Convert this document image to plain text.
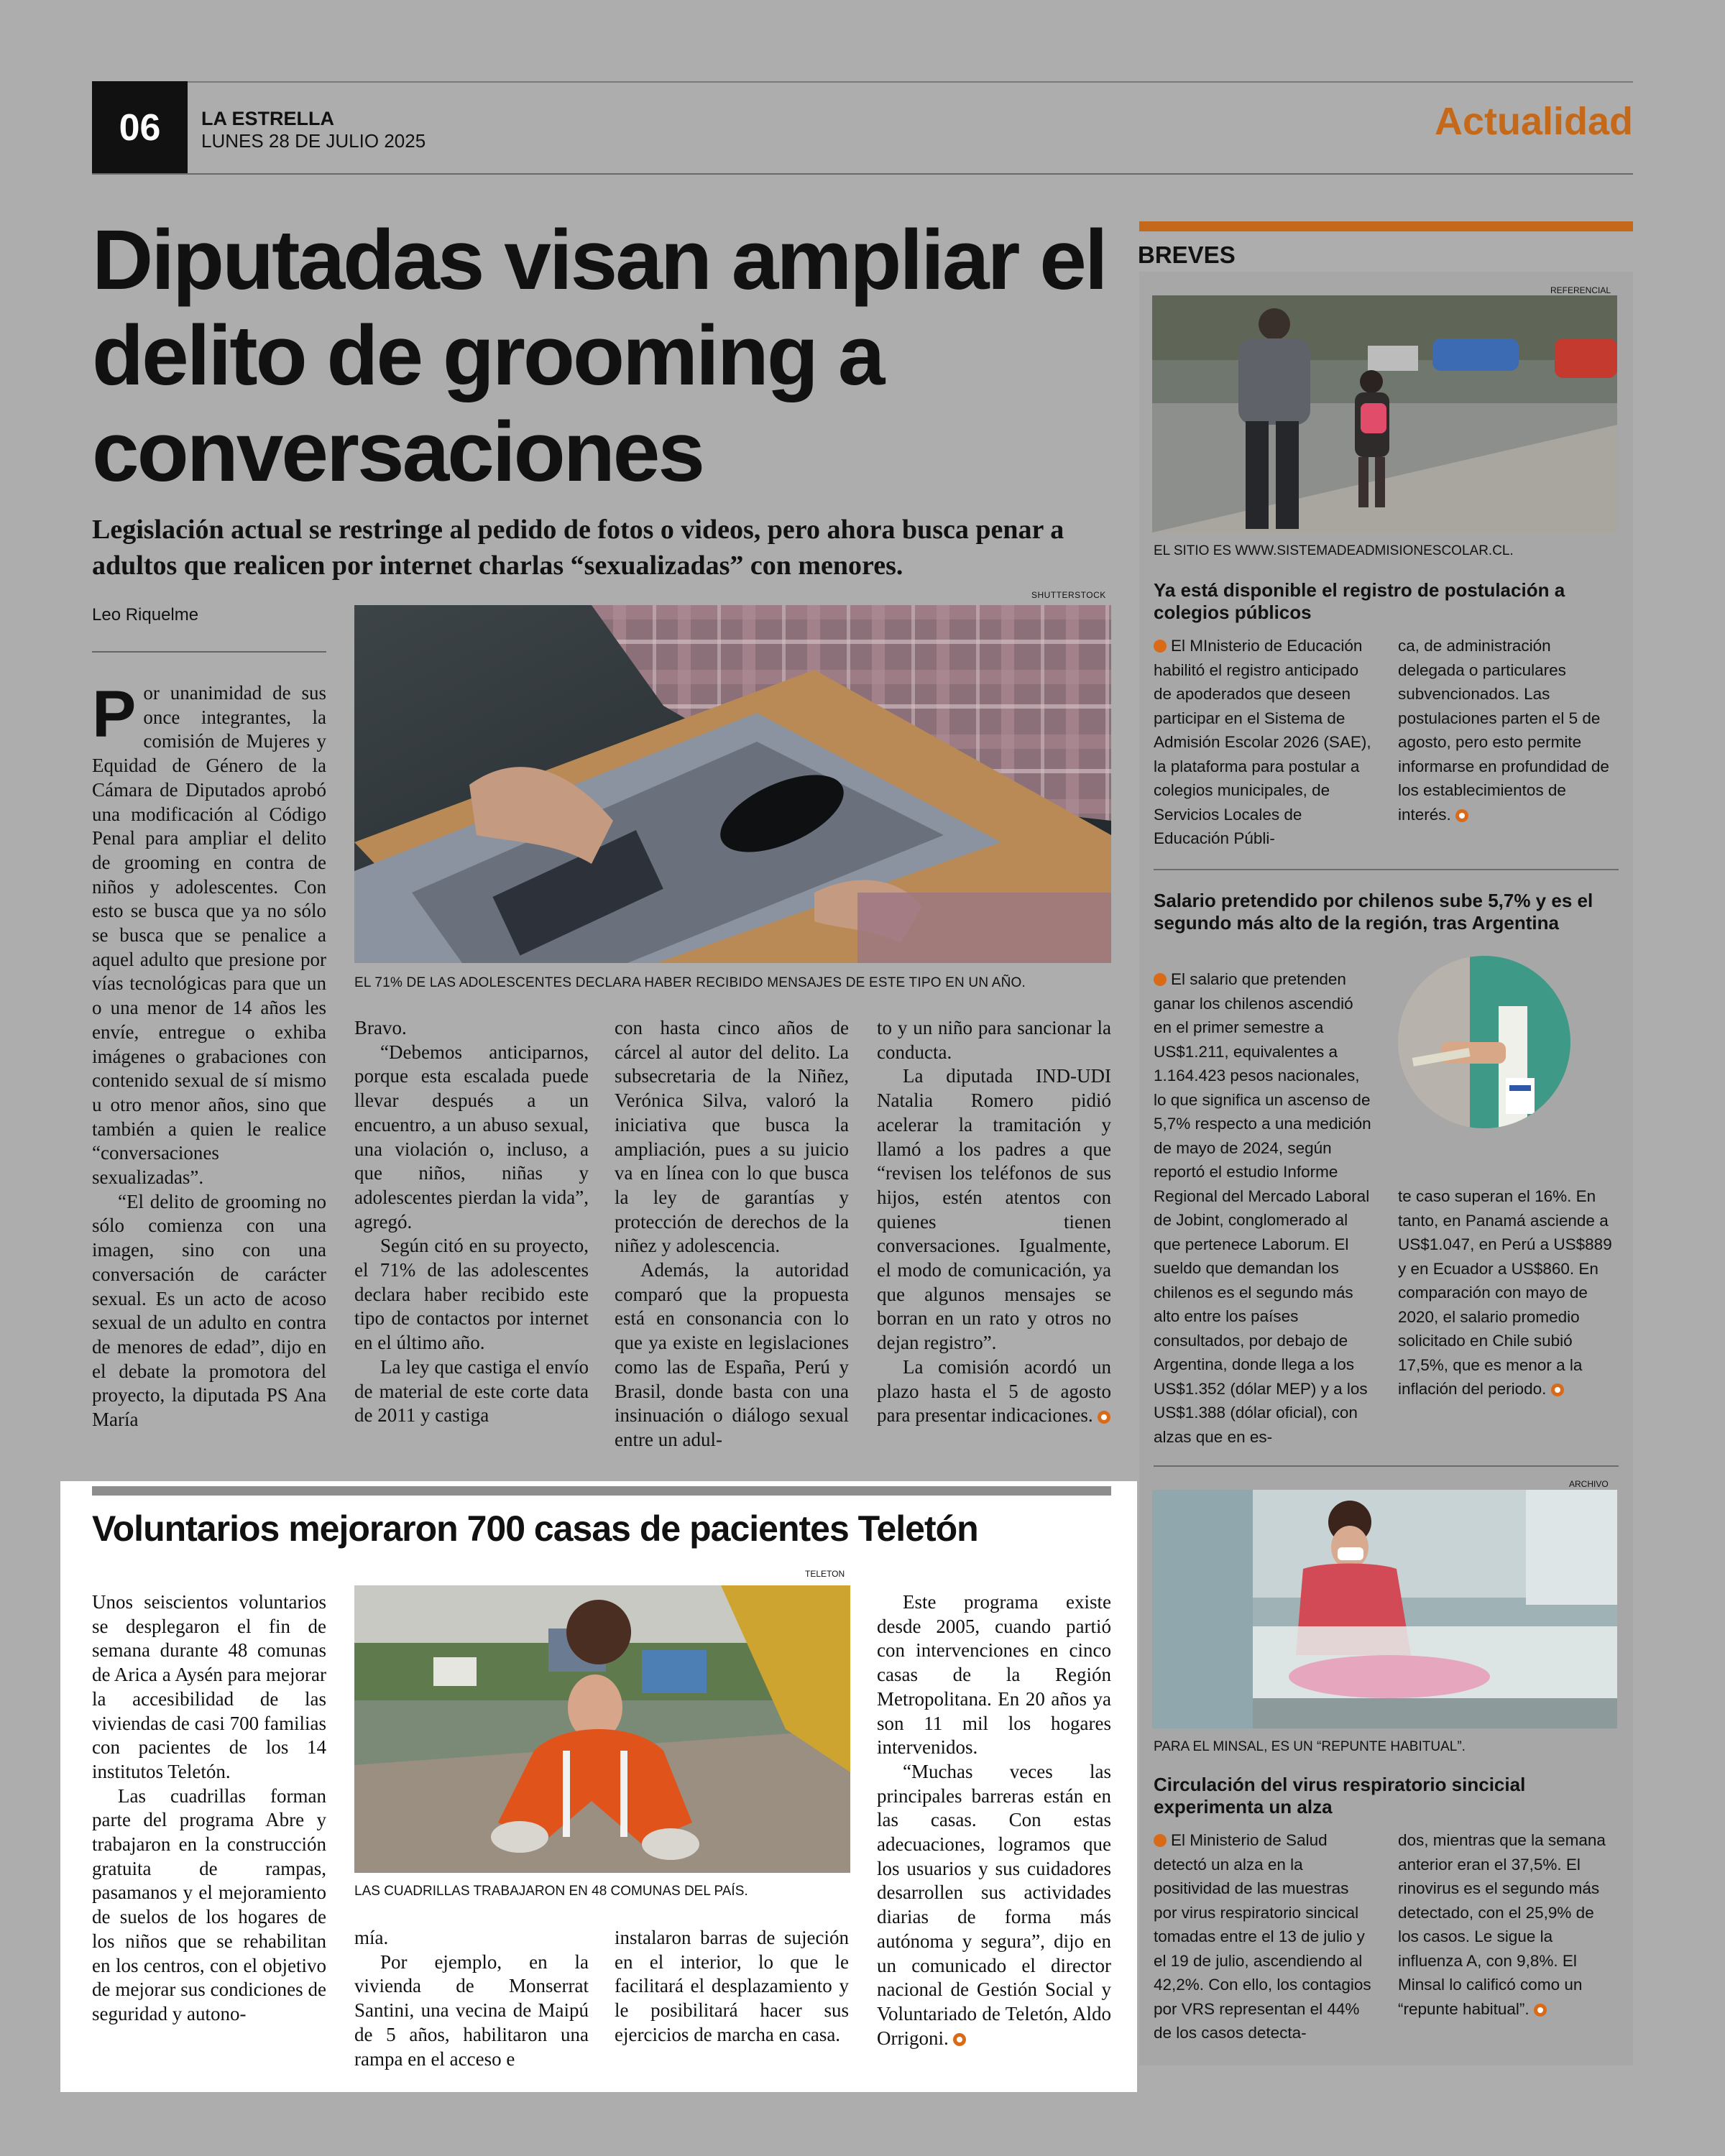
06	LA ESTRELLA
LUNES 28 DE JULIO 2025	Actualidad
Diputadas visan ampliar el delito de grooming a conversaciones
Legislación actual se restringe al pedido de fotos o videos, pero ahora busca penar a adultos que realicen por internet charlas “sexualizadas” con menores.
Leo Riquelme
SHUTTERSTOCK
EL 71% DE LAS ADOLESCENTES DECLARA HABER RECIBIDO MENSAJES DE ESTE TIPO EN UN AÑO.
P or unanimidad de sus once integrantes, la comisión de Mujeres y Equidad de Género de la Cámara de Diputados aprobó una modificación al Código Penal para ampliar el delito de grooming en contra de niños y adolescentes. Con esto se busca que ya no sólo se busca que se penalice a aquel adulto que presione por vías tecnológicas para que un o una menor de 14 años les envíe, entregue o exhiba imágenes o grabaciones con contenido sexual de sí mismo u otro menor años, sino que también a quien le realice “conversaciones sexualizadas”.

“El delito de grooming no sólo comienza con una imagen, sino con una conversación de carácter sexual. Es un acto de acoso sexual de un adulto en contra de menores de edad”, dijo en el debate la promotora del proyecto, la diputada PS Ana María

Bravo.

“Debemos anticiparnos, porque esta escalada puede llevar después a un encuentro, a un abuso sexual, una violación o, incluso, a que niños, niñas y adolescentes pierdan la vida”, agregó.

Según citó en su proyecto, el 71% de las adolescentes declara haber recibido este tipo de contactos por internet en el último año.

La ley que castiga el envío de material de este corte data de 2011 y castiga

con hasta cinco años de cárcel al autor del delito. La subsecretaria de la Niñez, Verónica Silva, valoró la iniciativa que busca la ampliación, pues a su juicio va en línea con lo que busca la ley de garantías y protección de derechos de la niñez y adolescencia.

Además, la autoridad comparó que la propuesta está en consonancia con lo que ya existe en legislaciones como las de España, Perú y Brasil, donde basta con una insinuación o diálogo sexual entre un adul-

to y un niño para sancionar la conducta.

La diputada IND-UDI Natalia Romero pidió acelerar la tramitación y llamó a los padres a que “revisen los teléfonos de sus hijos, estén atentos con quienes tienen conversaciones. Igualmente, el modo de comunicación, ya que algunos mensajes se borran en un rato y otros no dejan registro”.

La comisión acordó un plazo hasta el 5 de agosto para presentar indicaciones.

Voluntarios mejoraron 700 casas de pacientes Teletón
TELETON
LAS CUADRILLAS TRABAJARON EN 48 COMUNAS DEL PAÍS.

Unos seiscientos voluntarios se desplegaron el fin de semana durante 48 comunas de Arica a Aysén para mejorar la accesibilidad de las viviendas de casi 700 familias con pacientes de los 14 institutos Teletón.

Las cuadrillas forman parte del programa Abre y trabajaron en la construcción gratuita de rampas, pasamanos y el mejoramiento de suelos de los hogares de los niños que se rehabilitan en los centros, con el objetivo de mejorar sus condiciones de seguridad y autono-

mía.

Por ejemplo, en la vivienda de Monserrat Santini, una vecina de Maipú de 5 años, habilitaron una rampa en el acceso e

instalaron barras de sujeción en el interior, lo que le facilitará el desplazamiento y le posibilitará hacer sus ejercicios de marcha en casa.

Este programa existe desde 2005, cuando partió con intervenciones en cinco casas de la Región Metropolitana. En 20 años ya son 11 mil los hogares intervenidos.

“Muchas veces las principales barreras están en las casas. Con estas adecuaciones, logramos que los usuarios y sus cuidadores desarrollen sus actividades diarias de forma más autónoma y segura”, dijo en un comunicado el director nacional de Gestión Social y Voluntariado de Teletón, Aldo Orrigoni.

BREVES
REFERENCIAL
EL SITIO ES WWW.SISTEMADEADMISIONESCOLAR.CL.
Ya está disponible el registro de postulación a colegios públicos
El MInisterio de Educación habilitó el registro anticipado de apoderados que deseen participar en el Sistema de Admisión Escolar 2026 (SAE), la plataforma para postular a colegios municipales, de Servicios Locales de Educación Públi-
ca, de administración delegada o particulares subvencionados. Las postulaciones parten el 5 de agosto, pero esto permite informarse en profundidad de los establecimientos de interés.
Salario pretendido por chilenos sube 5,7% y es el segundo más alto de la región, tras Argentina
El salario que pretenden ganar los chilenos ascendió en el primer semestre a US$1.211, equivalentes a 1.164.423 pesos nacionales, lo que significa un ascenso de 5,7% respecto a una medición de mayo de 2024, según reportó el estudio Informe Regional del Mercado Laboral de Jobint, conglomerado al que pertenece Laborum. El sueldo que demandan los chilenos es el segundo más alto entre los países consultados, por debajo de Argentina, donde llega a los US$1.352 (dólar MEP) y a los US$1.388 (dólar oficial), con alzas que en es-
te caso superan el 16%. En tanto, en Panamá asciende a US$1.047, en Perú a US$889 y en Ecuador a US$860. En comparación con mayo de 2020, el salario promedio solicitado en Chile subió 17,5%, que es menor a la inflación del periodo.
ARCHIVO
PARA EL MINSAL, ES UN “REPUNTE HABITUAL”.
Circulación del virus respiratorio sincicial experimenta un alza
El Ministerio de Salud detectó un alza en la positividad de las muestras por virus respiratorio sincical tomadas entre el 13 de julio y el 19 de julio, ascendiendo al 42,2%. Con ello, los contagios por VRS representan el 44% de los casos detecta-
dos, mientras que la semana anterior eran el 37,5%. El rinovirus es el segundo más detectado, con el 25,9% de los casos. Le sigue la influenza A, con 9,8%. El Minsal lo calificó como un “repunte habitual”.
